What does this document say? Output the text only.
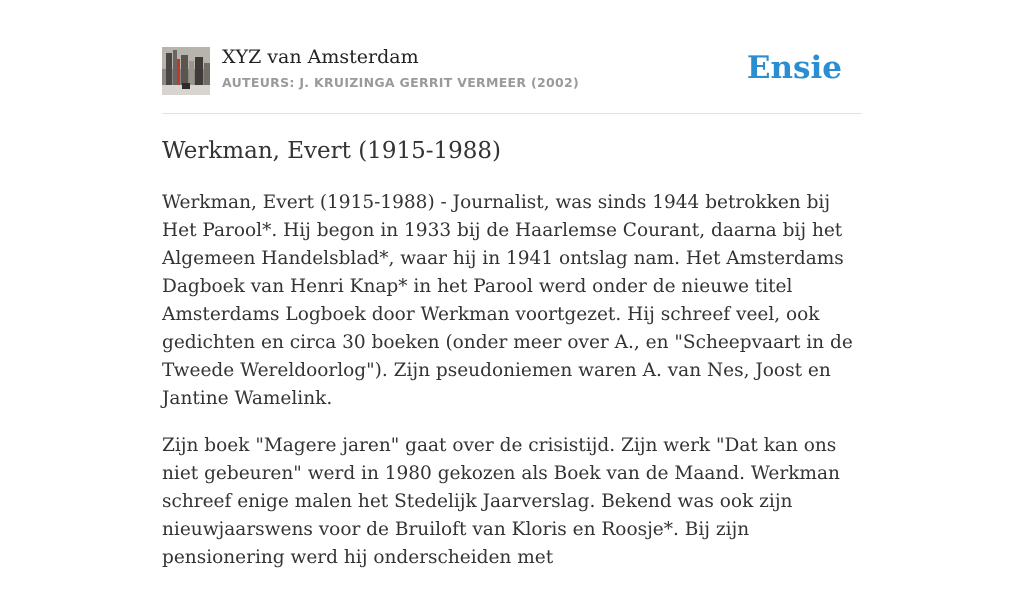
XYZ van Amsterdam
AUTEURS: J. KRUIZINGA GERRIT VERMEER (2002)	Ensie
Werkman, Evert (1915-1988)

Werkman, Evert (1915-1988) - Journalist, was sinds 1944 betrokken bij Het Parool*. Hij begon in 1933 bij de Haarlemse Courant, daarna bij het Algemeen Handelsblad*, waar hij in 1941 ontslag nam. Het Amsterdams Dagboek van Henri Knap* in het Parool werd onder de nieuwe titel Amsterdams Logboek door Werkman voortgezet. Hij schreef veel, ook gedichten en circa 30 boeken (onder meer over A., en "Scheepvaart in de Tweede Wereldoorlog"). Zijn pseudoniemen waren A. van Nes, Joost en Jantine Wamelink.

Zijn boek "Magere jaren" gaat over de crisistijd. Zijn werk "Dat kan ons niet gebeuren" werd in 1980 gekozen als Boek van de Maand. Werkman schreef enige malen het Stedelijk Jaarverslag. Bekend was ook zijn nieuwjaarswens voor de Bruiloft van Kloris en Roosje*. Bij zijn pensionering werd hij onderscheiden met
